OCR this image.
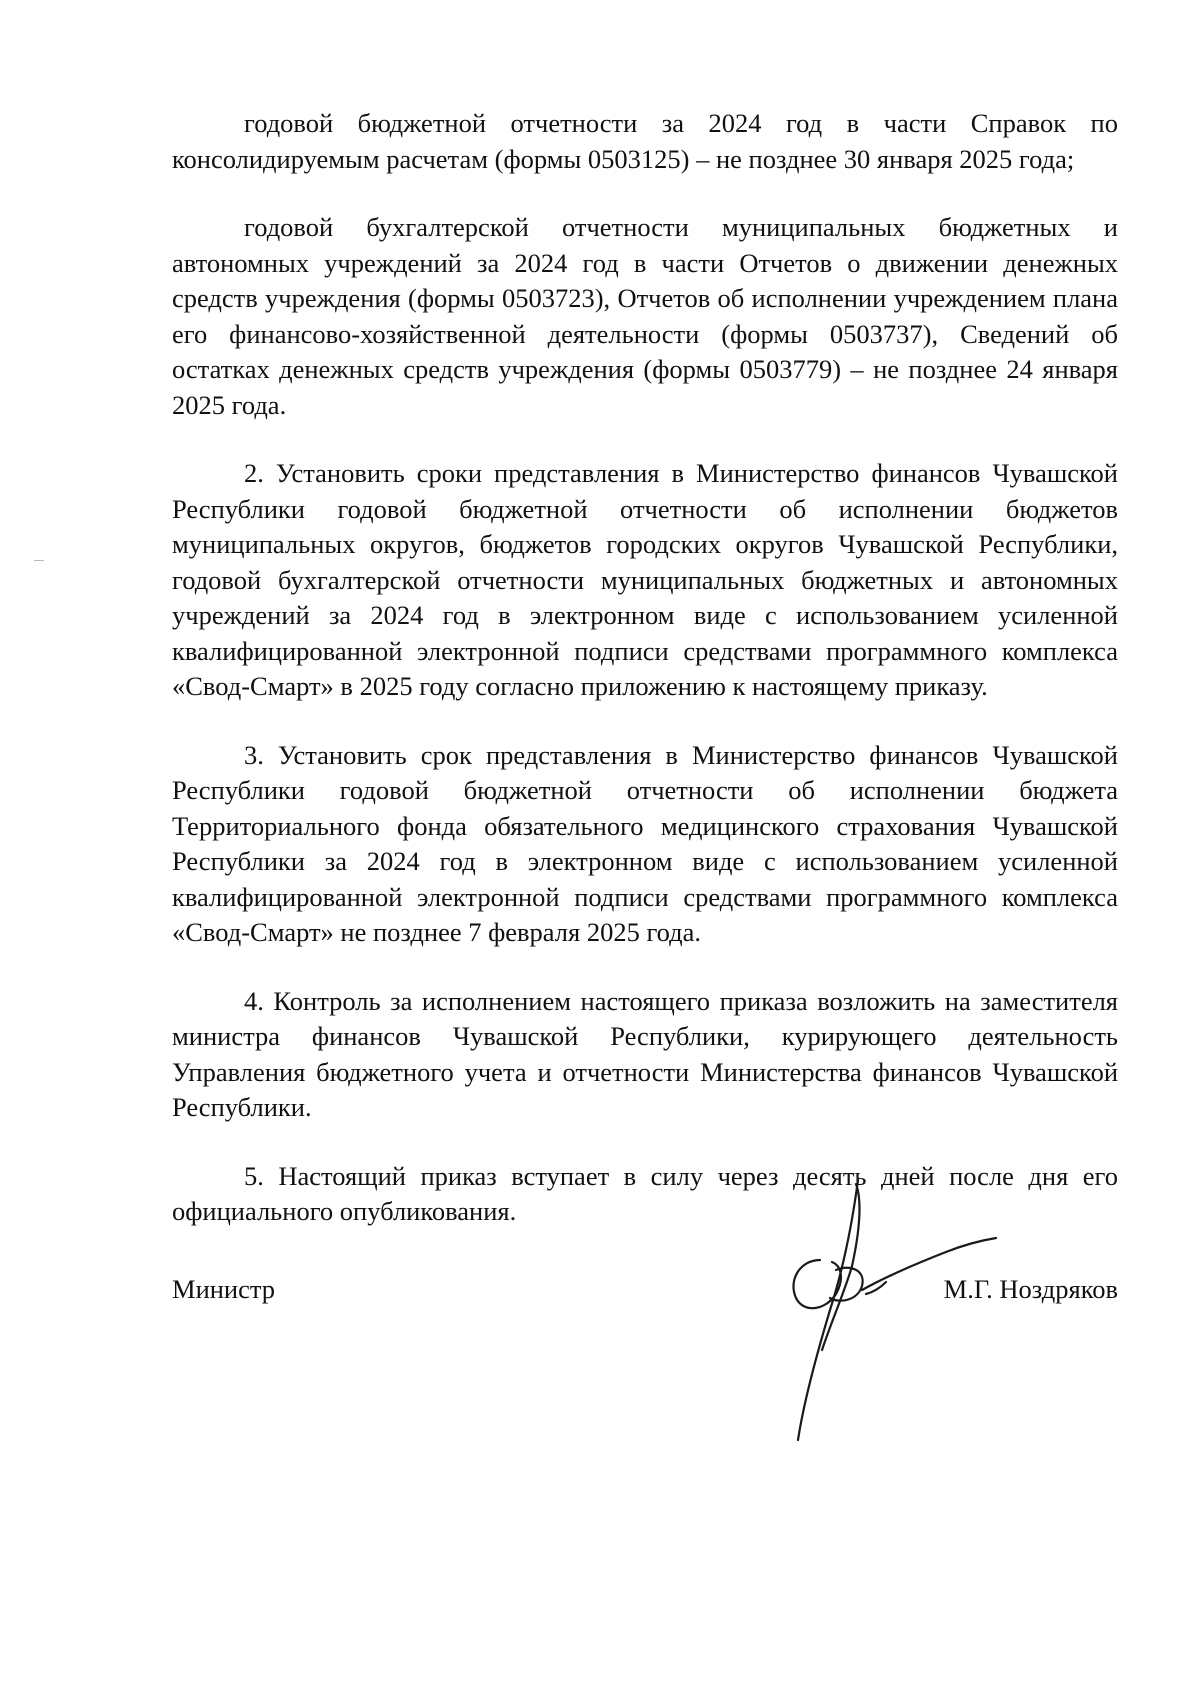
годовой бюджетной отчетности за 2024 год в части Справок по консолидируемым расчетам (формы 0503125) – не позднее 30 января 2025 года;

годовой бухгалтерской отчетности муниципальных бюджетных и автономных учреждений за 2024 год в части Отчетов о движении денежных средств учреждения (формы 0503723), Отчетов об исполнении учреждением плана его финансово-хозяйственной деятельности (формы 0503737), Сведений об остатках денежных средств учреждения (формы 0503779) – не позднее 24 января 2025 года.

2. Установить сроки представления в Министерство финансов Чувашской Республики годовой бюджетной отчетности об исполнении бюджетов муниципальных округов, бюджетов городских округов Чувашской Республики, годовой бухгалтерской отчетности муниципальных бюджетных и автономных учреждений за 2024 год в электронном виде с использованием усиленной квалифицированной электронной подписи средствами программного комплекса «Свод-Смарт» в 2025 году согласно приложению к настоящему приказу.

3. Установить срок представления в Министерство финансов Чувашской Республики годовой бюджетной отчетности об исполнении бюджета Территориального фонда обязательного медицинского страхования Чувашской Республики за 2024 год в электронном виде с использованием усиленной квалифицированной электронной подписи средствами программного комплекса «Свод-Смарт» не позднее 7 февраля 2025 года.

4. Контроль за исполнением настоящего приказа возложить на заместителя министра финансов Чувашской Республики, курирующего деятельность Управления бюджетного учета и отчетности Министерства финансов Чувашской Республики.

5. Настоящий приказ вступает в силу через десять дней после дня его официального опубликования.

Министр	М.Г. Ноздряков
